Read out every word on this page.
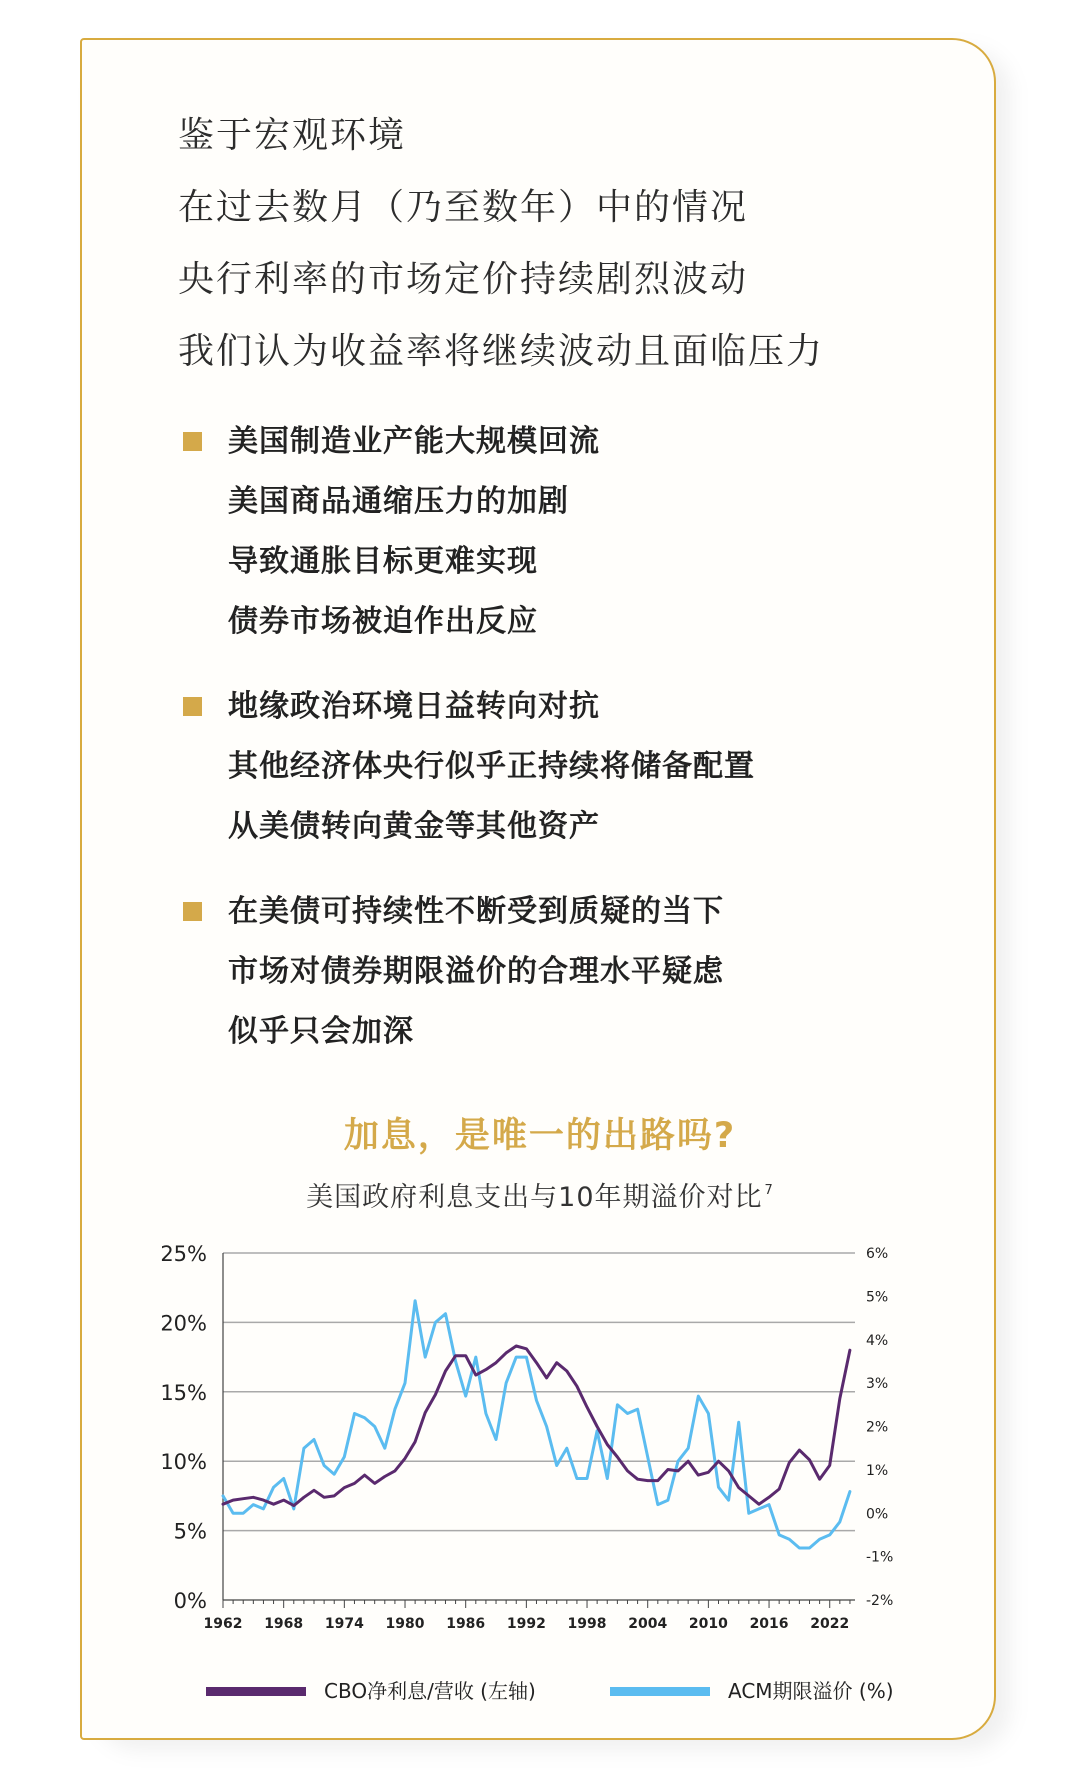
鉴于宏观环境
在过去数月（乃至数年）中的情况
央行利率的市场定价持续剧烈波动
我们认为收益率将继续波动且面临压力
美国制造业产能大规模回流
美国商品通缩压力的加剧
导致通胀目标更难实现
债券市场被迫作出反应
地缘政治环境日益转向对抗
其他经济体央行似乎正持续将储备配置
从美债转向黄金等其他资产
在美债可持续性不断受到质疑的当下
市场对债券期限溢价的合理水平疑虑
似乎只会加深
加息，是唯一的出路吗?
美国政府利息支出与10年期溢价对比 $^7$
0%
5%
10%
15%
20%
25%
-2%
-1%
0%
1%
2%
3%
4%
5%
6%
1962 1968 1974 1980 1986 1992 1998 2004 2010 2016 2022
CBO净利息/营收 (左轴)	ACM期限溢价 (%)
